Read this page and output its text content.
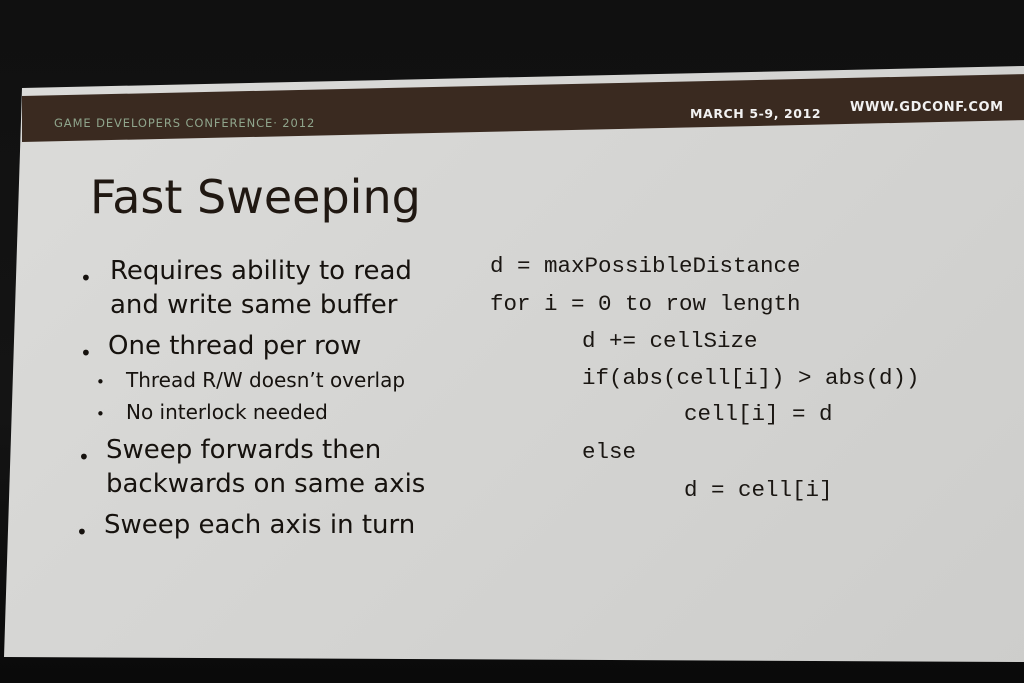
GAME DEVELOPERS CONFERENCE· 2012
MARCH 5-9, 2012 WWW.GDCONF.COM
Fast Sweeping
• Requires ability to read
and write same buffer
• One thread per row
• Thread R/W doesn’t overlap
• No interlock needed
• Sweep forwards then
backwards on same axis
• Sweep each axis in turn
d = maxPossibleDistance
for i = 0 to row length
d += cellSize
if(abs(cell[i]) > abs(d))
cell[i] = d
else
d = cell[i]
